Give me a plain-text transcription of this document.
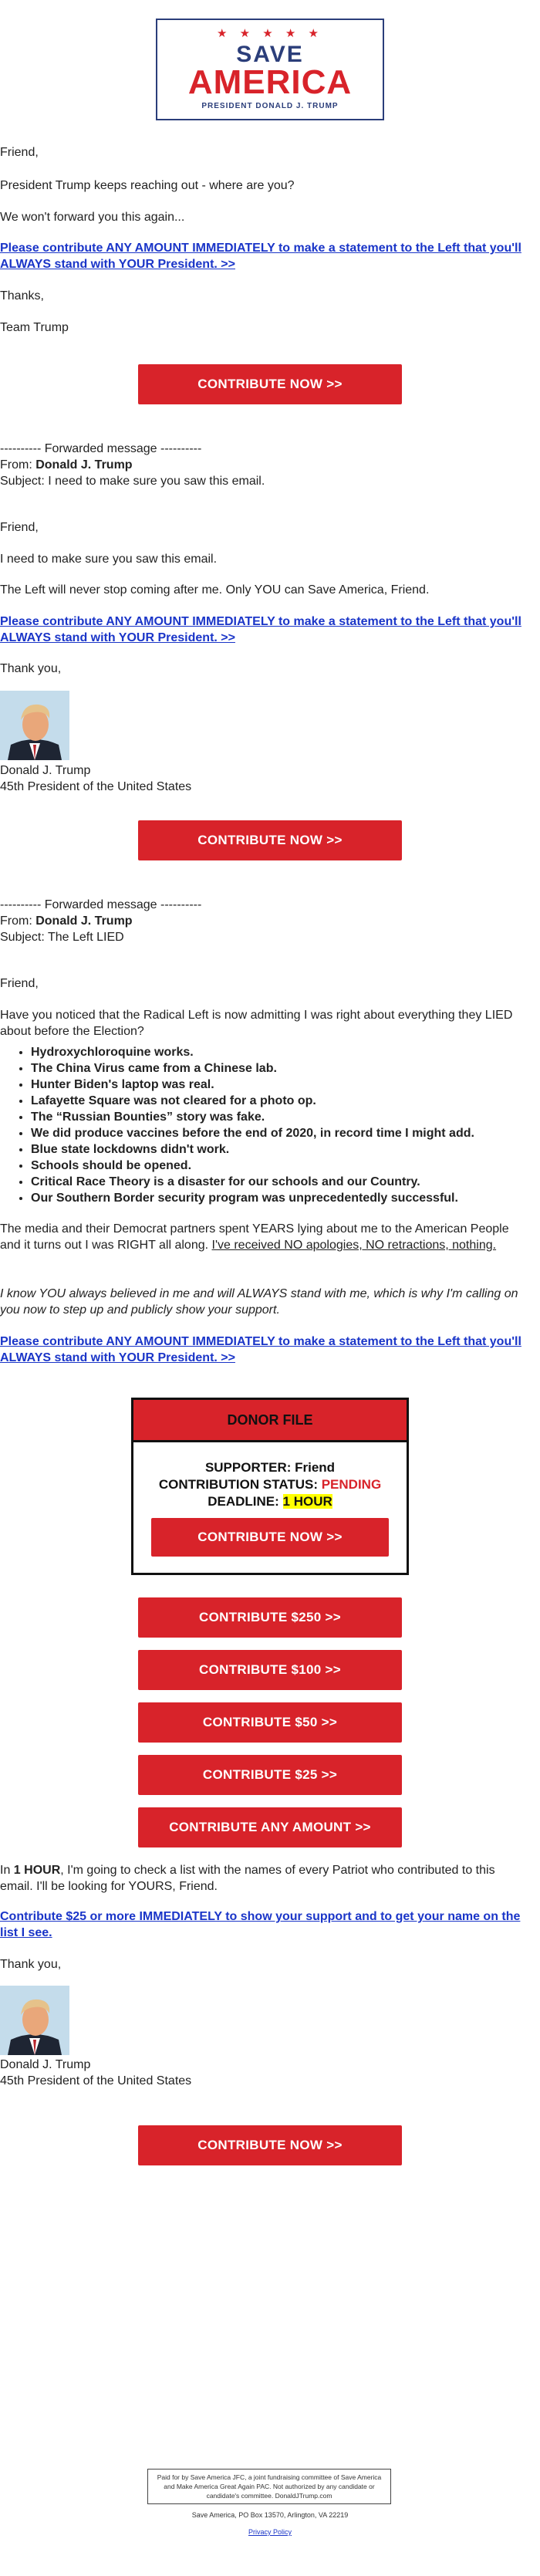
★ ★ ★ ★ ★
SAVE
AMERICA
PRESIDENT DONALD J. TRUMP

Friend,

President Trump keeps reaching out - where are you?

We won't forward you this again...

Please contribute ANY AMOUNT IMMEDIATELY to make a statement to the Left that you'll ALWAYS stand with YOUR President. >>

Thanks,

Team Trump

CONTRIBUTE NOW >>

---------- Forwarded message ----------

From: Donald J. Trump

Subject: I need to make sure you saw this email.

Friend,

I need to make sure you saw this email.

The Left will never stop coming after me. Only YOU can Save America, Friend.

Please contribute ANY AMOUNT IMMEDIATELY to make a statement to the Left that you'll ALWAYS stand with YOUR President. >>

Thank you,

Donald J. Trump

45th President of the United States

CONTRIBUTE NOW >>

---------- Forwarded message ----------

From: Donald J. Trump

Subject: The Left LIED

Friend,

Have you noticed that the Radical Left is now admitting I was right about everything they LIED about before the Election?

• Hydroxychloroquine works.
• The China Virus came from a Chinese lab.
• Hunter Biden's laptop was real.
• Lafayette Square was not cleared for a photo op.
• The “Russian Bounties” story was fake.
• We did produce vaccines before the end of 2020, in record time I might add.
• Blue state lockdowns didn't work.
• Schools should be opened.
• Critical Race Theory is a disaster for our schools and our Country.
• Our Southern Border security program was unprecedentedly successful.

The media and their Democrat partners spent YEARS lying about me to the American People and it turns out I was RIGHT all along. I've received NO apologies, NO retractions, nothing.

I know YOU always believed in me and will ALWAYS stand with me, which is why I'm calling on you now to step up and publicly show your support.

Please contribute ANY AMOUNT IMMEDIATELY to make a statement to the Left that you'll ALWAYS stand with YOUR President. >>

DONOR FILE
SUPPORTER: Friend
CONTRIBUTION STATUS: PENDING
DEADLINE: 1 HOUR
CONTRIBUTE NOW >>
CONTRIBUTE $250 >>
CONTRIBUTE $100 >>
CONTRIBUTE $50 >>
CONTRIBUTE $25 >>
CONTRIBUTE ANY AMOUNT >>

In 1 HOUR, I'm going to check a list with the names of every Patriot who contributed to this email. I'll be looking for YOURS, Friend.

Contribute $25 or more IMMEDIATELY to show your support and to get your name on the list I see.

Thank you,

Donald J. Trump

45th President of the United States

CONTRIBUTE NOW >>
Paid for by Save America JFC, a joint fundraising committee of Save America and Make America Great Again PAC. Not authorized by any candidate or candidate's committee. DonaldJTrump.com
Save America, PO Box 13570, Arlington, VA 22219
Privacy Policy
